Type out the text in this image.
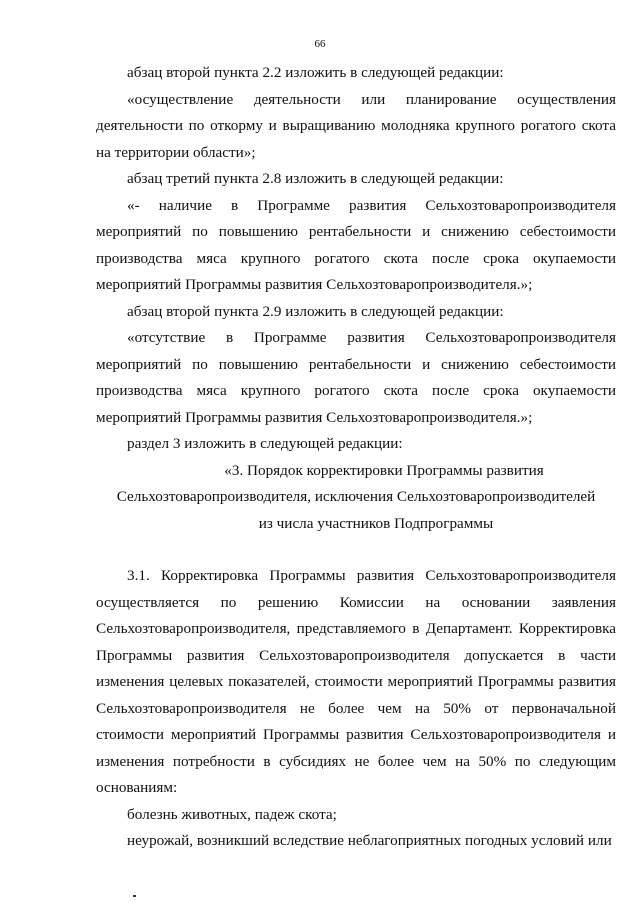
66

абзац второй пункта 2.2 изложить в следующей редакции:

«осуществление деятельности или планирование осуществления деятельности по откорму и выращиванию молодняка крупного рогатого скота на территории области»;

абзац третий пункта 2.8 изложить в следующей редакции:

«- наличие в Программе развития Сельхозтоваропроизводителя мероприятий по повышению рентабельности и снижению себестоимости производства мяса крупного рогатого скота после срока окупаемости мероприятий Программы развития Сельхозтоваропроизводителя.»;

абзац второй пункта 2.9 изложить в следующей редакции:

«отсутствие в Программе развития Сельхозтоваропроизводителя мероприятий по повышению рентабельности и снижению себестоимости производства мяса крупного рогатого скота после срока окупаемости мероприятий Программы развития Сельхозтоваропроизводителя.»;

раздел 3 изложить в следующей редакции:

«3. Порядок корректировки Программы развития
Сельхозтоваропроизводителя, исключения Сельхозтоваропроизводителей
из числа участников Подпрограммы

3.1. Корректировка Программы развития Сельхозтоваропроизводителя осуществляется по решению Комиссии на основании заявления Сельхозтоваропроизводителя, представляемого в Департамент. Корректировка Программы развития Сельхозтоваропроизводителя допускается в части изменения целевых показателей, стоимости мероприятий Программы развития Сельхозтоваропроизводителя не более чем на 50% от первоначальной стоимости мероприятий Программы развития Сельхозтоваропроизводителя и изменения потребности в субсидиях не более чем на 50% по следующим основаниям:

болезнь животных, падеж скота;

неурожай, возникший вследствие неблагоприятных погодных условий или
